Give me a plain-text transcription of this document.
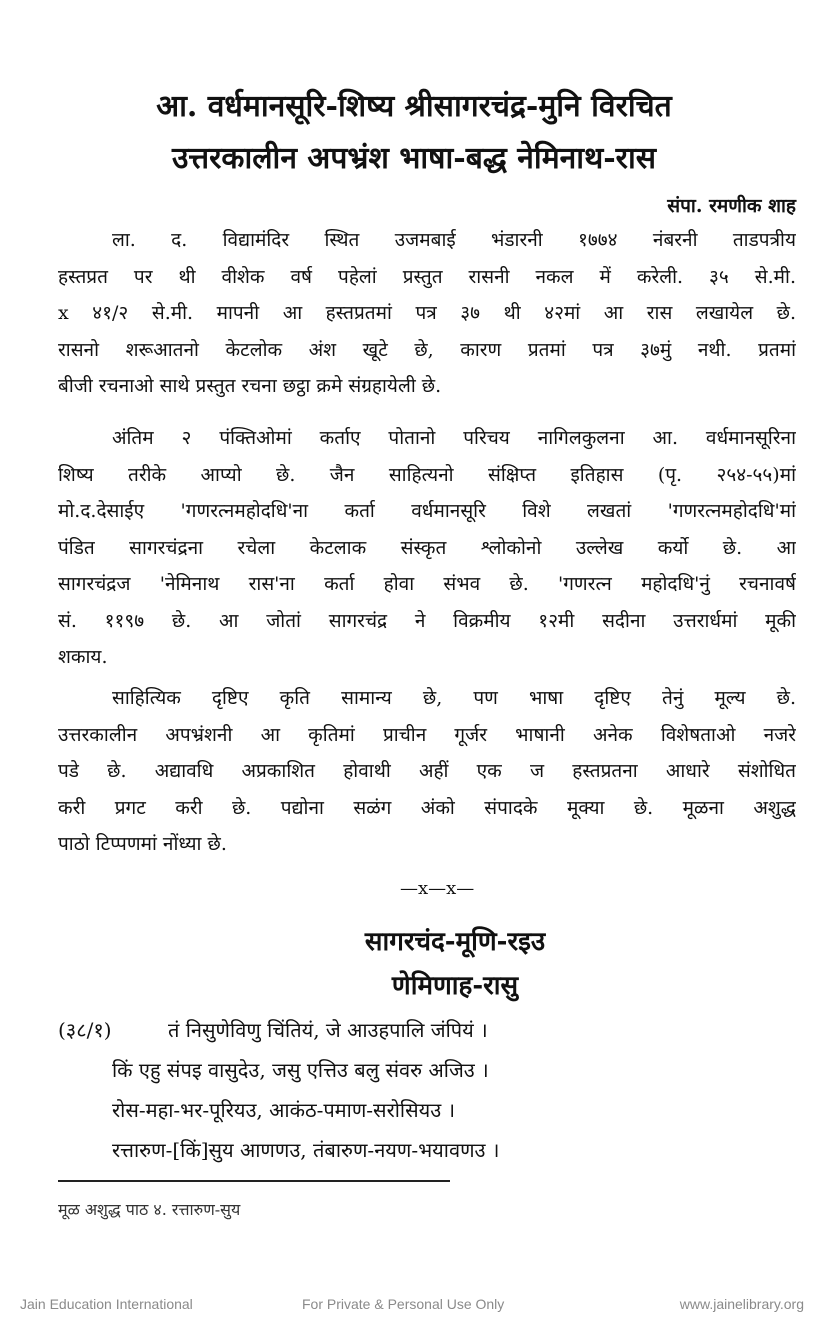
आ. वर्धमानसूरि-शिष्य श्रीसागरचंद्र-मुनि विरचित
उत्तरकालीन अपभ्रंश भाषा-बद्ध नेमिनाथ-रास
संपा. रमणीक शाह
ला. द. विद्यामंदिर स्थित उजमबाई भंडारनी १७७४ नंबरनी ताडपत्रीय
हस्तप्रत पर थी वीशेक वर्ष पहेलां प्रस्तुत रासनी नकल में करेली. ३५ से.मी.
x ४१/२ से.मी. मापनी आ हस्तप्रतमां पत्र ३७ थी ४२मां आ रास लखायेल छे.
रासनो शरूआतनो केटलोक अंश खूटे छे, कारण प्रतमां पत्र ३७मुं नथी. प्रतमां
बीजी रचनाओ साथे प्रस्तुत रचना छट्ठा क्रमे संग्रहायेली छे.
अंतिम २ पंक्तिओमां कर्ताए पोतानो परिचय नागिलकुलना आ. वर्धमानसूरिना
शिष्य तरीके आप्यो छे. जैन साहित्यनो संक्षिप्त इतिहास (पृ. २५४-५५)मां
मो.द.देसाईए 'गणरत्नमहोदधि'ना कर्ता वर्धमानसूरि विशे लखतां 'गणरत्नमहोदधि'मां
पंडित सागरचंद्रना रचेला केटलाक संस्कृत श्लोकोनो उल्लेख कर्यो छे. आ
सागरचंद्रज 'नेमिनाथ रास'ना कर्ता होवा संभव छे. 'गणरत्न महोदधि'नुं रचनावर्ष
सं. ११९७ छे. आ जोतां सागरचंद्र ने विक्रमीय १२मी सदीना उत्तरार्धमां मूकी
शकाय.
साहित्यिक दृष्टिए कृति सामान्य छे, पण भाषा दृष्टिए तेनुं मूल्य छे.
उत्तरकालीन अपभ्रंशनी आ कृतिमां प्राचीन गूर्जर भाषानी अनेक विशेषताओ नजरे
पडे छे. अद्यावधि अप्रकाशित होवाथी अहीं एक ज हस्तप्रतना आधारे संशोधित
करी प्रगट करी छे. पद्योना सळंग अंको संपादके मूक्या छे. मूळना अशुद्ध
पाठो टिप्पणमां नोंध्या छे.
—x—x—
सागरचंद-मूणि-रइउ
णेमिणाह-रासु
(३८/१)	तं निसुणेविणु चिंतियं, जे आउहपालि जंपियं ।
किं एहु संपइ वासुदेउ, जसु एत्तिउ बलु संवरु अजिउ ।
रोस-महा-भर-पूरियउ, आकंठ-पमाण-सरोसियउ ।
रत्तारुण-[किं]सुय आणणउ, तंबारुण-नयण-भयावणउ ।
मूळ अशुद्ध पाठ ४. रत्तारुण-सुय
Jain Education International	For Private & Personal Use Only	www.jainelibrary.org
